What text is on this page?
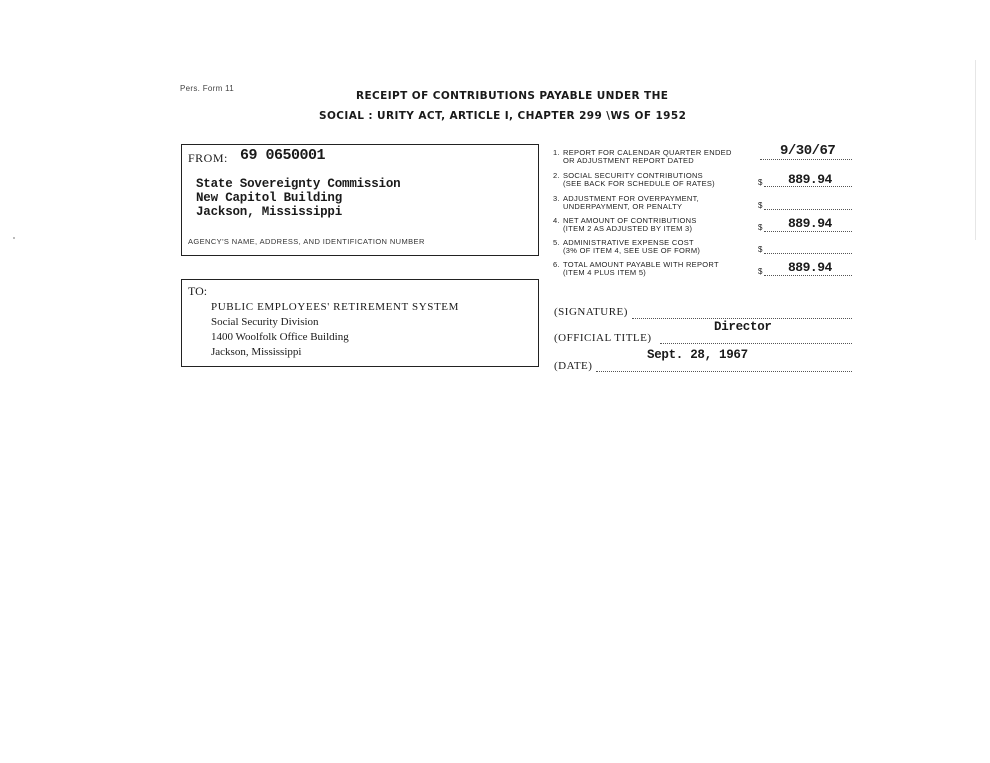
Pers. Form 11
RECEIPT OF CONTRIBUTIONS PAYABLE UNDER THE
SOCIAL : URITY ACT, ARTICLE I, CHAPTER 299 \WS OF 1952
FROM: 69 0650001
State Sovereignty Commission
New Capitol Building
Jackson, Mississippi
AGENCY'S NAME, ADDRESS, AND IDENTIFICATION NUMBER
TO:
PUBLIC EMPLOYEES' RETIREMENT SYSTEM
Social Security Division
1400 Woolfolk Office Building
Jackson, Mississippi
1. REPORT FOR CALENDAR QUARTER ENDED
OR ADJUSTMENT REPORT DATED
9/30/67
2. SOCIAL SECURITY CONTRIBUTIONS
(SEE BACK FOR SCHEDULE OF RATES)	$ 889.94
3. ADJUSTMENT FOR OVERPAYMENT,
UNDERPAYMENT, OR PENALTY	$
4. NET AMOUNT OF CONTRIBUTIONS
(ITEM 2 AS ADJUSTED BY ITEM 3)	$ 889.94
5. ADMINISTRATIVE EXPENSE COST
(3% OF ITEM 4, SEE USE OF FORM)	$
6. TOTAL AMOUNT PAYABLE WITH REPORT
(ITEM 4 PLUS ITEM 5)	$ 889.94
(SIGNATURE)
(OFFICIAL TITLE)
Director
(DATE)
Sept. 28, 1967
